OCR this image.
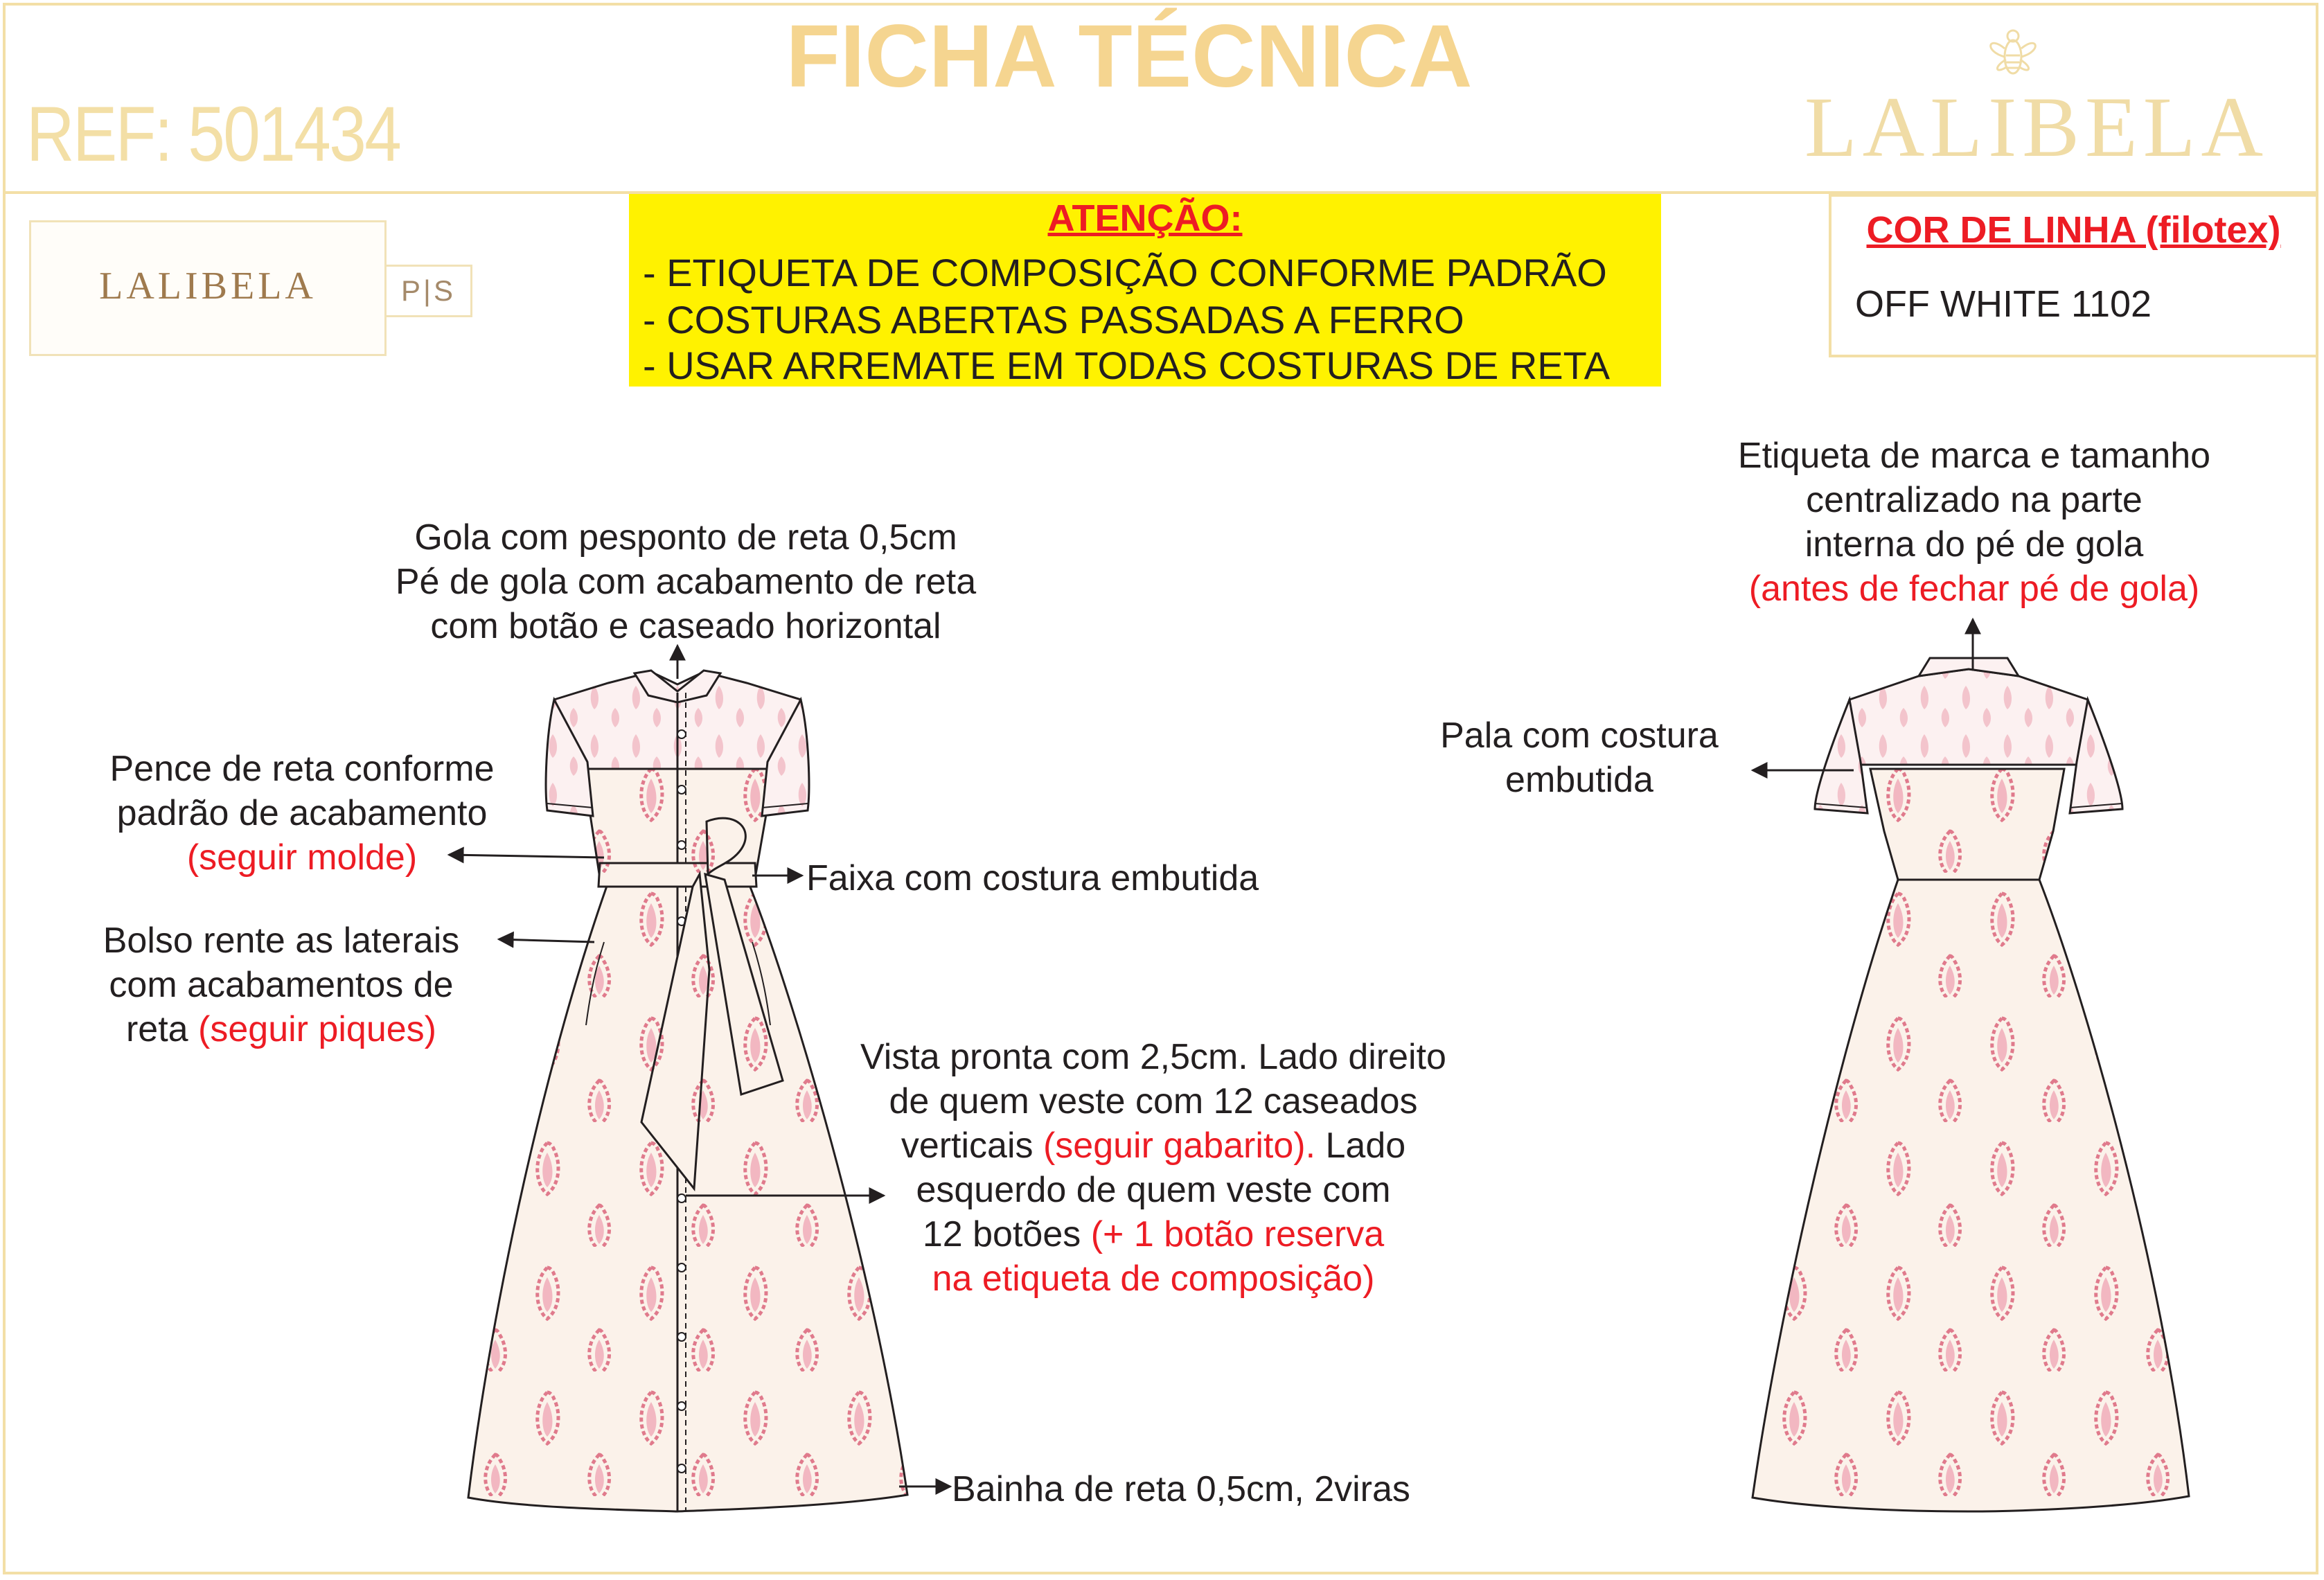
REF: 501434
FICHA TÉCNICA
LALIBELA
LALIBELA	P|S
ATENÇÃO:
- ETIQUETA DE COMPOSIÇÃO CONFORME PADRÃO
- COSTURAS ABERTAS PASSADAS A FERRO
- USAR ARREMATE EM TODAS COSTURAS DE RETA
COR DE LINHA (filotex)
OFF WHITE 1102
Gola com pesponto de reta 0,5cm
Pé de gola com acabamento de reta
com botão e caseado horizontal
Pence de reta conforme
padrão de acabamento
(seguir molde)
Faixa com costura embutida
Bolso rente as laterais
com acabamentos de
reta (seguir piques)
Vista pronta com 2,5cm. Lado direito
de quem veste com 12 caseados
verticais (seguir gabarito). Lado
esquerdo de quem veste com
12 botões (+ 1 botão reserva
na etiqueta de composição)
Bainha de reta 0,5cm, 2viras
Etiqueta de marca e tamanho
centralizado na parte
interna do pé de gola
(antes de fechar pé de gola)
Pala com costura
embutida
